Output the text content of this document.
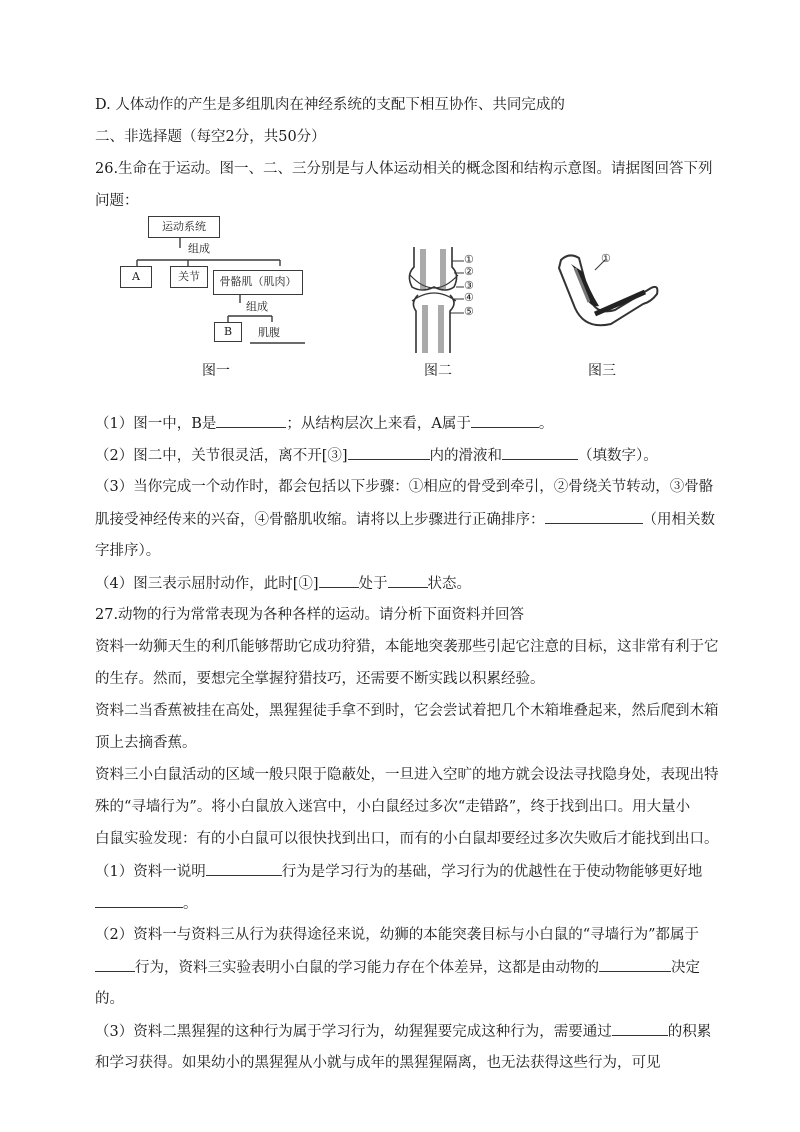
D. 人体动作的产生是多组肌肉在神经系统的支配下相互协作、共同完成的
二、非选择题（每空2分，共50分）
26.生命在于运动。图一、二、三分别是与人体运动相关的概念图和结构示意图。请据图回答下列
问题：
运动系统
组成
A	关节	骨骼肌（肌肉）
组成
B	肌腹
①
②
③
④
⑤
①
图一	图二	图三
（1）图一中，B是	；从结构层次上来看，A属于	。
（2）图二中，关节很灵活，离不开[③]	内的滑液和	（填数字）。
（3）当你完成一个动作时，都会包括以下步骤：①相应的骨受到牵引，②骨绕关节转动，③骨骼
肌接受神经传来的兴奋，④骨骼肌收缩。请将以上步骤进行正确排序：	（用相关数
字排序）。
（4）图三表示屈肘动作，此时[①]	处于	状态。
27.动物的行为常常表现为各种各样的运动。请分析下面资料并回答
资料一幼狮天生的利爪能够帮助它成功狩猎，本能地突袭那些引起它注意的目标，这非常有利于它
的生存。然而，要想完全掌握狩猎技巧，还需要不断实践以积累经验。
资料二当香蕉被挂在高处，黑猩猩徒手拿不到时，它会尝试着把几个木箱堆叠起来，然后爬到木箱
顶上去摘香蕉。
资料三小白鼠活动的区域一般只限于隐蔽处，一旦进入空旷的地方就会设法寻找隐身处，表现出特
殊的“寻墙行为”。将小白鼠放入迷宫中，小白鼠经过多次“走错路”，终于找到出口。用大量小
白鼠实验发现：有的小白鼠可以很快找到出口，而有的小白鼠却要经过多次失败后才能找到出口。
（1）资料一说明	行为是学习行为的基础，学习行为的优越性在于使动物能够更好地
。
（2）资料一与资料三从行为获得途径来说，幼狮的本能突袭目标与小白鼠的“寻墙行为”都属于
行为，资料三实验表明小白鼠的学习能力存在个体差异，这都是由动物的	决定
的。
（3）资料二黑猩猩的这种行为属于学习行为，幼猩猩要完成这种行为，需要通过	的积累
和学习获得。如果幼小的黑猩猩从小就与成年的黑猩猩隔离，也无法获得这些行为，可见
